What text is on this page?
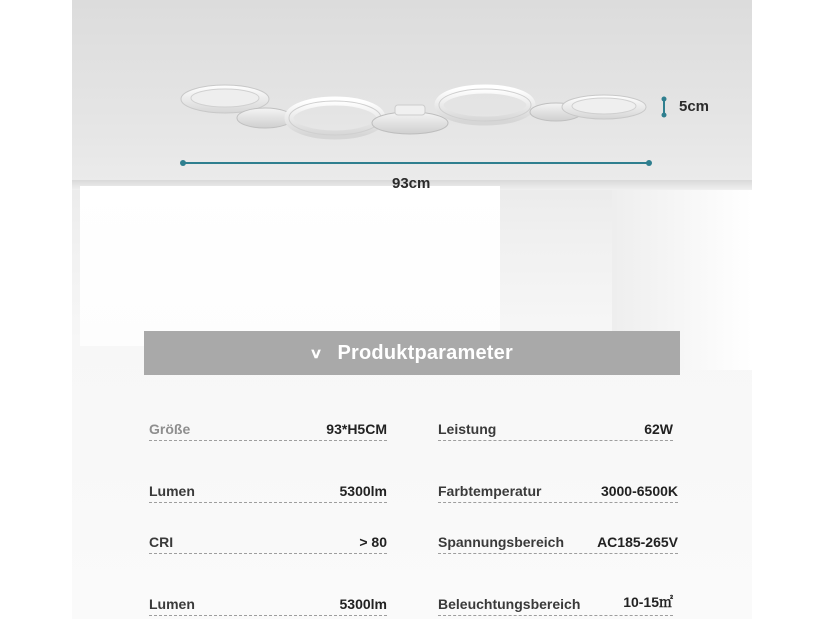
5cm
93cm
∨ Produktparameter
Größe	93*H5CM	Leistung	62W
Lumen	5300lm	Farbtemperatur	3000-6500K
CRI	> 80	Spannungsbereich AC185-265V
Lumen	5300lm	Beleuchtungsbereich	10-15㎡
